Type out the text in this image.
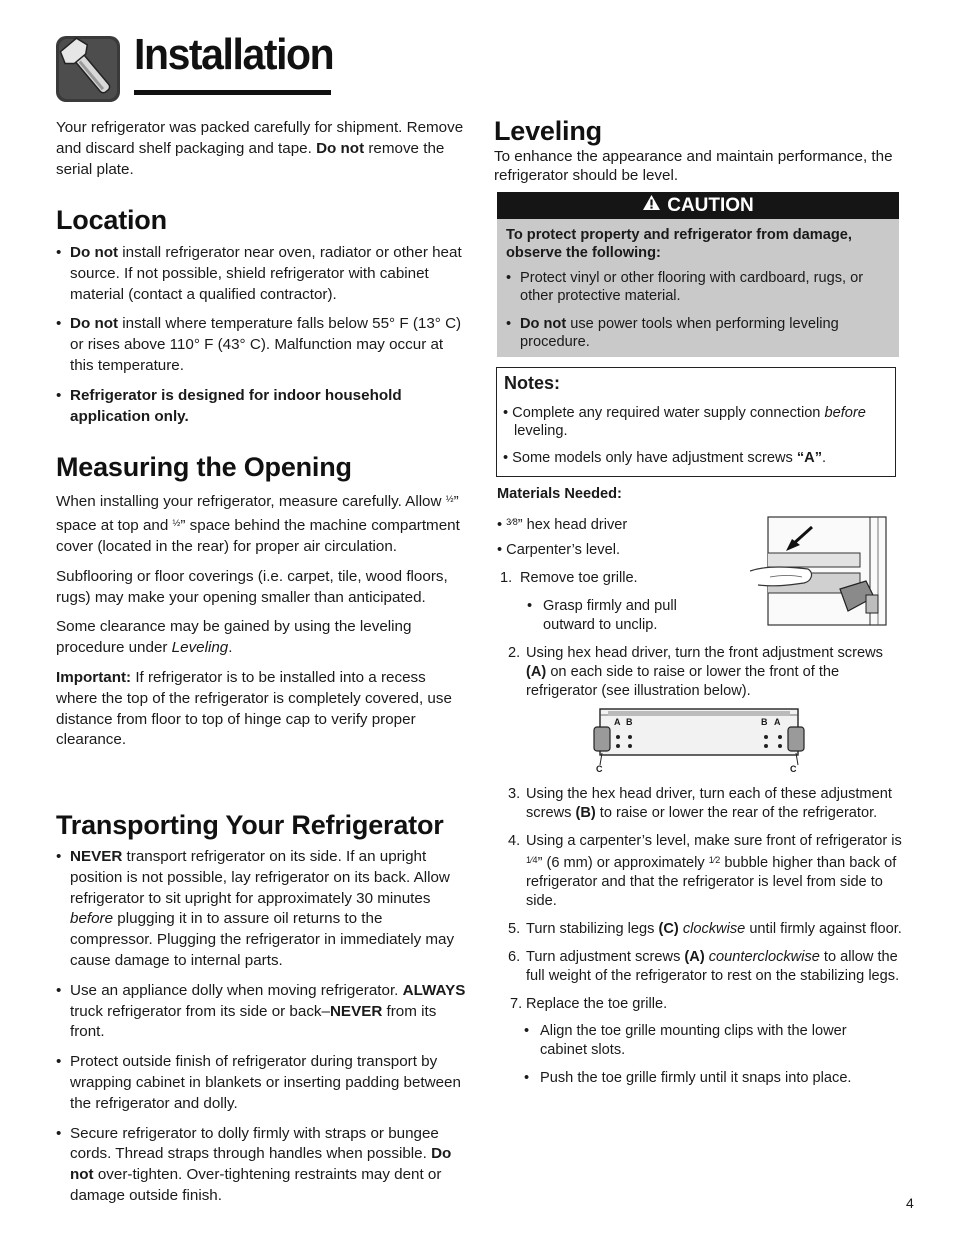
Installation

Your refrigerator was packed carefully for shipment. Remove and discard shelf packaging and tape. Do not remove the serial plate.

Location
• Do not install refrigerator near oven, radiator or other heat source. If not possible, shield refrigerator with cabinet material (contact a qualified contractor).
• Do not install where temperature falls below 55° F (13° C) or rises above 110° F (43° C). Malfunction may occur at this temperature.
• Refrigerator is designed for indoor household application only.
Measuring the Opening

When installing your refrigerator, measure carefully. Allow $^{\frac{1}{2}}$” space at top and $^{\frac{1}{2}}$” space behind the machine compartment cover (located in the rear) for proper air circulation.

Subflooring or floor coverings (i.e. carpet, tile, wood floors, rugs) may make your opening smaller than anticipated.

Some clearance may be gained by using the leveling procedure under Leveling.

Important: If refrigerator is to be installed into a recess where the top of the refrigerator is completely covered, use distance from floor to top of hinge cap to verify proper clearance.

Transporting Your Refrigerator
• NEVER transport refrigerator on its side. If an upright position is not possible, lay refrigerator on its back. Allow refrigerator to sit upright for approximately 30 minutes before plugging it in to assure oil returns to the compressor. Plugging the refrigerator in immediately may cause damage to internal parts.
• Use an appliance dolly when moving refrigerator. ALWAYS truck refrigerator from its side or back–NEVER from its front.
• Protect outside finish of refrigerator during transport by wrapping cabinet in blankets or inserting padding between the refrigerator and dolly.
• Secure refrigerator to dolly firmly with straps or bungee cords. Thread straps through handles when possible. Do not over-tighten. Over-tightening restraints may dent or damage outside finish.
Leveling

To enhance the appearance and maintain performance, the refrigerator should be level.

CAUTION

To protect property and refrigerator from damage, observe the following:

• Protect vinyl or other flooring with cardboard, rugs, or other protective material.
• Do not use power tools when performing leveling procedure.
Notes:

• Complete any required water supply connection before leveling.

• Some models only have adjustment screws “A”.

Materials Needed:

• $^{3⁄8}$” hex head driver

• Carpenter’s level.

1. Remove toe grille.
• Grasp firmly and pull outward to unclip.
2. Using hex head driver, turn the front adjustment screws (A) on each side to raise or lower the front of the refrigerator (see illustration below).
A B	B A
C	C
3. Using the hex head driver, turn each of these adjustment screws (B) to raise or lower the rear of the refrigerator.
4. Using a carpenter’s level, make sure front of refrigerator is $^{1⁄4}$” (6 mm) or approximately $^{1⁄2}$ bubble higher than back of refrigerator and that the refrigerator is level from side to side.
5. Turn stabilizing legs (C) clockwise until firmly against floor.
6. Turn adjustment screws (A) counterclockwise to allow the full weight of the refrigerator to rest on the stabilizing legs.
7. Replace the toe grille.
• Align the toe grille mounting clips with the lower cabinet slots.
• Push the toe grille firmly until it snaps into place.
4
